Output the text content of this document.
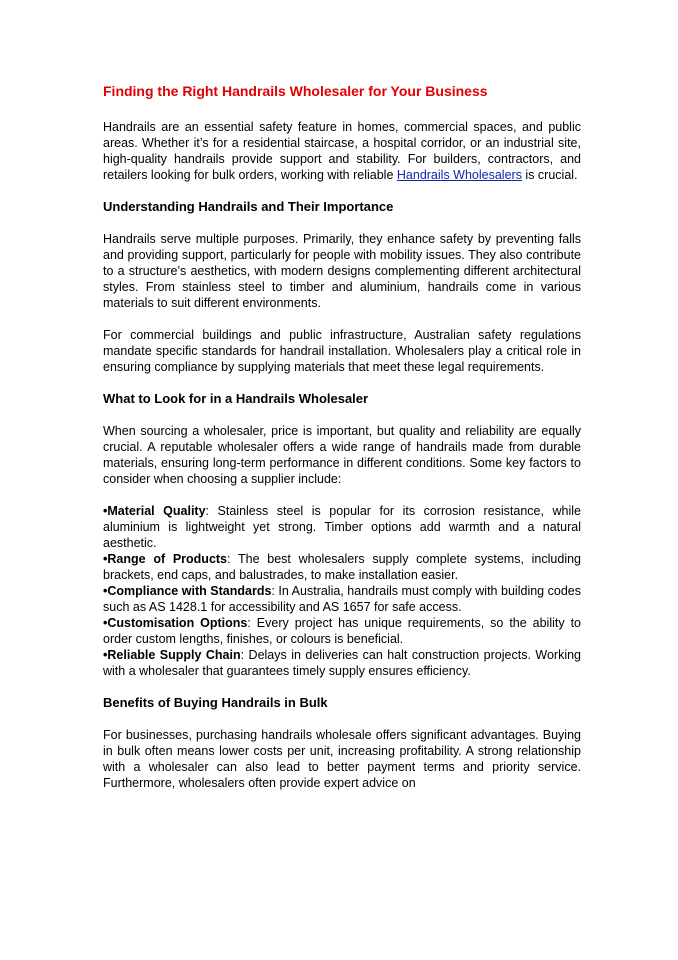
Finding the Right Handrails Wholesaler for Your Business

Handrails are an essential safety feature in homes, commercial spaces, and public areas. Whether it’s for a residential staircase, a hospital corridor, or an industrial site, high-quality handrails provide support and stability. For builders, contractors, and retailers looking for bulk orders, working with reliable Handrails Wholesalers is crucial.

Understanding Handrails and Their Importance

Handrails serve multiple purposes. Primarily, they enhance safety by preventing falls and providing support, particularly for people with mobility issues. They also contribute to a structure’s aesthetics, with modern designs complementing different architectural styles. From stainless steel to timber and aluminium, handrails come in various materials to suit different environments.

For commercial buildings and public infrastructure, Australian safety regulations mandate specific standards for handrail installation. Wholesalers play a critical role in ensuring compliance by supplying materials that meet these legal requirements.

What to Look for in a Handrails Wholesaler

When sourcing a wholesaler, price is important, but quality and reliability are equally crucial. A reputable wholesaler offers a wide range of handrails made from durable materials, ensuring long-term performance in different conditions. Some key factors to consider when choosing a supplier include:

•Material Quality: Stainless steel is popular for its corrosion resistance, while aluminium is lightweight yet strong. Timber options add warmth and a natural aesthetic.
•Range of Products: The best wholesalers supply complete systems, including brackets, end caps, and balustrades, to make installation easier.
•Compliance with Standards: In Australia, handrails must comply with building codes such as AS 1428.1 for accessibility and AS 1657 for safe access.
•Customisation Options: Every project has unique requirements, so the ability to order custom lengths, finishes, or colours is beneficial.
•Reliable Supply Chain: Delays in deliveries can halt construction projects. Working with a wholesaler that guarantees timely supply ensures efficiency.
Benefits of Buying Handrails in Bulk

For businesses, purchasing handrails wholesale offers significant advantages. Buying in bulk often means lower costs per unit, increasing profitability. A strong relationship with a wholesaler can also lead to better payment terms and priority service. Furthermore, wholesalers often provide expert advice on
